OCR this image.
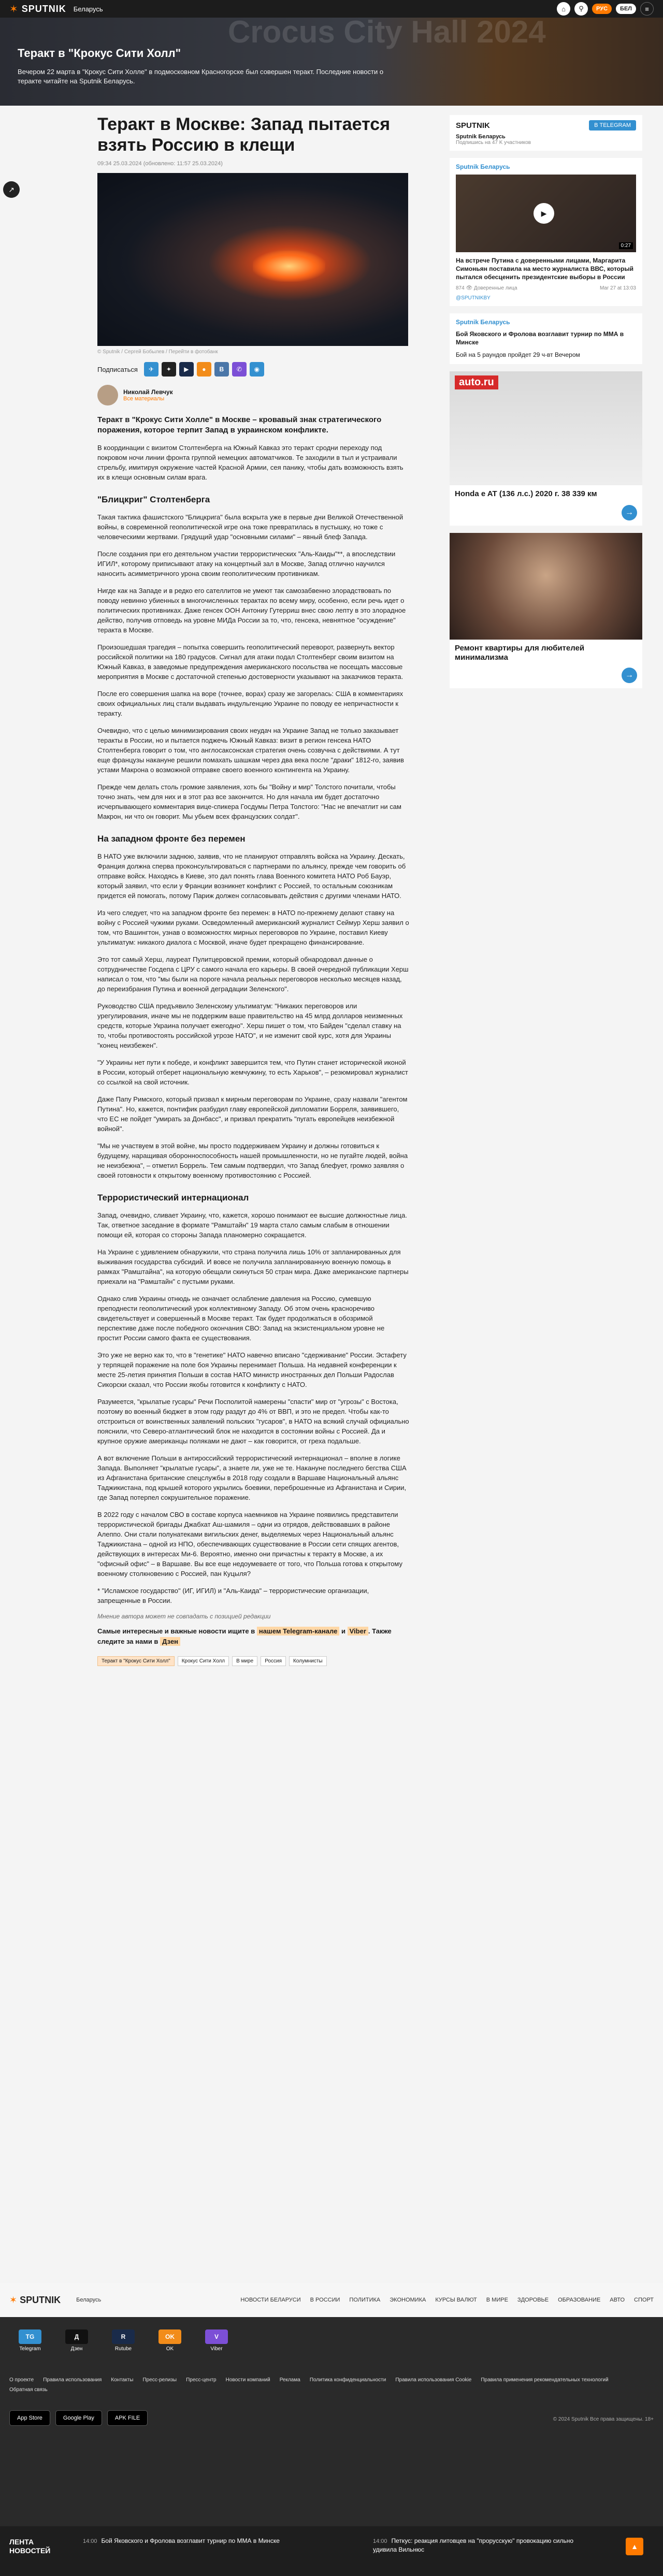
✶ SPUTNIK Беларусь	⌂	⚲	РУС	БЕЛ	≡
Crocus City Hall 2024
Теракт в "Крокус Сити Холл"

Вечером 22 марта в "Крокус Сити Холле" в подмосковном Красногорске был совершен теракт. Последние новости о теракте читайте на Sputnik Беларусь.

↗
Теракт в Москве: Запад пытается взять Россию в клещи
09:34 25.03.2024 (обновлено: 11:57 25.03.2024)
© Sputnik / Сергей Бобылев / Перейти в фотобанк
Подписаться	✈	✦	▶	●	В	✆	◉
Николай Левчук
Все материалы
Теракт в "Крокус Сити Холле" в Москве – кровавый знак стратегического поражения, которое терпит Запад в украинском конфликте.

В координации с визитом Столтенберга на Южный Кавказ это теракт сродни переходу под покровом ночи линии фронта группой немецких автоматчиков. Те заходили в тыл и устраивали стрельбу, имитируя окружение частей Красной Армии, сея панику, чтобы дать возможность взять их в клещи основным силам врага.

"Блицкриг" Столтенберга

Такая тактика фашистского "Блицкрига" была вскрыта уже в первые дни Великой Отечественной войны, в современной геополитической игре она тоже превратилась в пустышку, но тоже с человеческими жертвами. Грядущий удар "основными силами" – явный блеф Запада.

После создания при его деятельном участии террористических "Аль-Каиды"**, а впоследствии ИГИЛ*, которому приписывают атаку на концертный зал в Москве, Запад отлично научился наносить асимметричного урона своим геополитическим противникам.

Нигде как на Западе и в редко его сателлитов не умеют так самозабвенно злорадствовать по поводу невинно убиенных в многочисленных терактах по всему миру, особенно, если речь идет о политических противниках. Даже генсек ООН Антониу Гутерриш внес свою лепту в это злорадное действо, получив отповедь на уровне МИДа России за то, что, генсека, невнятное "осуждение" теракта в Москве.

Произошедшая трагедия – попытка совершить геополитический переворот, развернуть вектор российской политики на 180 градусов. Сигнал для атаки подал Столтенберг своим визитом на Южный Кавказ, в заведомые предупреждения американского посольства не посещать массовые мероприятия в Москве с достаточной степенью достоверности указывают на заказчиков теракта.

После его совершения шапка на воре (точнее, ворах) сразу же загорелась: США в комментариях своих официальных лиц стали выдавать индульгенцию Украине по поводу ее непричастности к теракту.

Очевидно, что с целью минимизирования своих неудач на Украине Запад не только заказывает теракты в России, но и пытается поджечь Южный Кавказ: визит в регион генсека НАТО Столтенберга говорит о том, что англосаксонская стратегия очень созвучна с действиями. А тут еще французы накануне решили помахать шашкам через два века после "драки" 1812-го, заявив устами Макрона о возможной отправке своего военного контингента на Украину.

Прежде чем делать столь громкие заявления, хоть бы "Войну и мир" Толстого почитали, чтобы точно знать, чем для них и в этот раз все закончится. Но для начала им будет достаточно исчерпывающего комментария вице-спикера Госдумы Петра Толстого: "Нас не впечатлит ни сам Макрон, ни что он говорит. Мы убьем всех французских солдат".

На западном фронте без перемен

В НАТО уже включили заднюю, заявив, что не планируют отправлять войска на Украину. Дескать, Франция должна сперва проконсультироваться с партнерами по альянсу, прежде чем говорить об отправке войск. Находясь в Киеве, это дал понять глава Военного комитета НАТО Роб Бауэр, который заявил, что если у Франции возникнет конфликт с Россией, то остальным союзникам придется ей помогать, потому Париж должен согласовывать действия с другими членами НАТО.

Из чего следует, что на западном фронте без перемен: в НАТО по-прежнему делают ставку на войну с Россией чужими руками. Осведомленный американский журналист Сеймур Херш заявил о том, что Вашингтон, узнав о возможностях мирных переговоров по Украине, поставил Киеву ультиматум: никакого диалога с Москвой, иначе будет прекращено финансирование.

Это тот самый Херш, лауреат Пулитцеровской премии, который обнародовал данные о сотрудничестве Госдепа с ЦРУ с самого начала его карьеры. В своей очередной публикации Херш написал о том, что "мы были на пороге начала реальных переговоров несколько месяцев назад, до переизбрания Путина и военной деградации Зеленского".

Руководство США предъявило Зеленскому ультиматум: "Никаких переговоров или урегулирования, иначе мы не поддержим ваше правительство на 45 млрд долларов неизменных средств, которые Украина получает ежегодно". Херш пишет о том, что Байден "сделал ставку на то, чтобы противостоять российской угрозе НАТО", и не изменит свой курс, хотя для Украины "конец неизбежен".

"У Украины нет пути к победе, и конфликт завершится тем, что Путин станет исторической иконой в России, который отберет национальную жемчужину, то есть Харьков", – резюмировал журналист со ссылкой на свой источник.

Даже Папу Римского, который призвал к мирным переговорам по Украине, сразу назвали "агентом Путина". Но, кажется, понтифик разбудил главу европейской дипломатии Борреля, заявившего, что ЕС не пойдет "умирать за Донбасс", и призвал прекратить "пугать европейцев неизбежной войной".

"Мы не участвуем в этой войне, мы просто поддерживаем Украину и должны готовиться к будущему, наращивая оборонноспособность нашей промышленности, но не пугайте людей, война не неизбежна", – отметил Боррель. Тем самым подтвердил, что Запад блефует, громко заявляя о своей готовности к открытому военному противостоянию с Россией.

Террористический интернационал

Запад, очевидно, сливает Украину, что, кажется, хорошо понимают ее высшие должностные лица. Так, ответное заседание в формате "Рамштайн" 19 марта стало самым слабым в отношении помощи ей, которая со стороны Запада планомерно сокращается.

На Украине с удивлением обнаружили, что страна получила лишь 10% от запланированных для выживания государства субсидий. И вовсе не получила запланированную военную помощь в рамках "Рамштайна", на которую обещали скинуться 50 стран мира. Даже американские партнеры приехали на "Рамштайн" с пустыми руками.

Однако слив Украины отнюдь не означает ослабление давления на Россию, сумевшую преподнести геополитический урок коллективному Западу. Об этом очень красноречиво свидетельствует и совершенный в Москве теракт. Так будет продолжаться в обозримой перспективе даже после победного окончания СВО: Запад на экзистенциальном уровне не простит России самого факта ее существования.

Это уже не верно как то, что в "генетике" НАТО навечно вписано "сдерживание" России. Эстафету у терпящей поражение на поле боя Украины перенимает Польша. На недавней конференции к месте 25-летия принятия Польши в состав НАТО министр иностранных дел Польши Радослав Сикорски сказал, что России якобы готовится к конфликту с НАТО.

Разумеется, "крылатые гусары" Речи Посполитой намерены "спасти" мир от "угрозы" с Востока, поэтому во военный бюджет в этом году раздут до 4% от ВВП, и это не предел. Чтобы как-то отстроиться от воинственных заявлений польских "гусаров", в НАТО на всякий случай официально пояснили, что Северо-атлантический блок не находится в состоянии войны с Россией. Да и крупное оружие американцы поляками не дают – как говорится, от греха подальше.

А вот включение Польши в антироссийский террористический интернационал – вполне в логике Запада. Выполняет "крылатые гусары", а знаете ли, уже не те. Накануне последнего бегства США из Афганистана британские спецслужбы в 2018 году создали в Варшаве Национальный альянс Таджикистана, под крышей которого укрылись боевики, переброшенные из Афганистана и Сирии, где Запад потерпел сокрушительное поражение.

В 2022 году с началом СВО в составе корпуса наемников на Украине появились представители террористической бригады Джабхат Аш-шамиля – одни из отрядов, действовавших в районе Алеппо. Они стали полунатеками вигильских денег, выделяемых через Национальный альянс Таджикистана – одной из НПО, обеспечивающих существование в России сети спящих агентов, действующих в интересах Ми-6. Вероятно, именно они причастны к теракту в Москве, а их "офисный офис" – в Варшаве. Вы все еще недоумеваете от того, что Польша готова к открытому военному столкновению с Россией, пан Куцыля?

* "Исламское государство" (ИГ, ИГИЛ) и "Аль-Каида" – террористические организации, запрещенные в России.

Мнение автора может не совпадать с позицией редакции
Самые интересные и важные новости ищите в нашем Telegram-канале и Viber . Также следите за нами в Дзен
Теракт в "Крокус Сити Холл"	Крокус Сити Холл	В мире	Россия	Колумнисты
SPUTNIK	В TELEGRAM
Sputnik Беларусь
Подпишись на 47 K участников
Sputnik Беларусь
▶
0:27
На встрече Путина с доверенными лицами, Маргарита Симоньян поставила на место журналиста ВВС, который пытался обесценить президентские выборы в России
874 👁 Доверенные лица	Mar 27 at 13:03
@SPUTNIKBY
Sputnik Беларусь
Бой Яковского и Фролова возглавит турнир по ММА в Минске
Бой на 5 раундов пройдет 29 ч-вт Вечером
auto.ru
Honda e AT (136 л.с.) 2020 г. 38 339 км
→
Ремонт квартиры для любителей минимализма
→
✶ SPUTNIK	Беларусь	НОВОСТИ БЕЛАРУСИ В РОССИИ ПОЛИТИКА ЭКОНОМИКА КУРСЫ ВАЛЮТ В МИРЕ ЗДОРОВЬЕ ОБРАЗОВАНИЕ АВТО СПОРТ
TG
Telegram
Д
Дзен
R
Rutube
OK
OK
V
Viber
О проекте Правила использования Контакты Пресс-релизы Пресс-центр Новости компаний Реклама Политика конфиденциальности Правила использования Cookie Правила применения рекомендательных технологий
Обратная связь
App Store	Google Play	APK FILE	© 2024 Sputnik Все права защищены. 18+
ЛЕНТА
НОВОСТЕЙ
14:00 Бой Яковского и Фролова возглавит турнир по ММА в Минске	14:00 Петкус: реакция литовцев на "прорусскую" провокацию сильно удивила Вильнюс	▲
